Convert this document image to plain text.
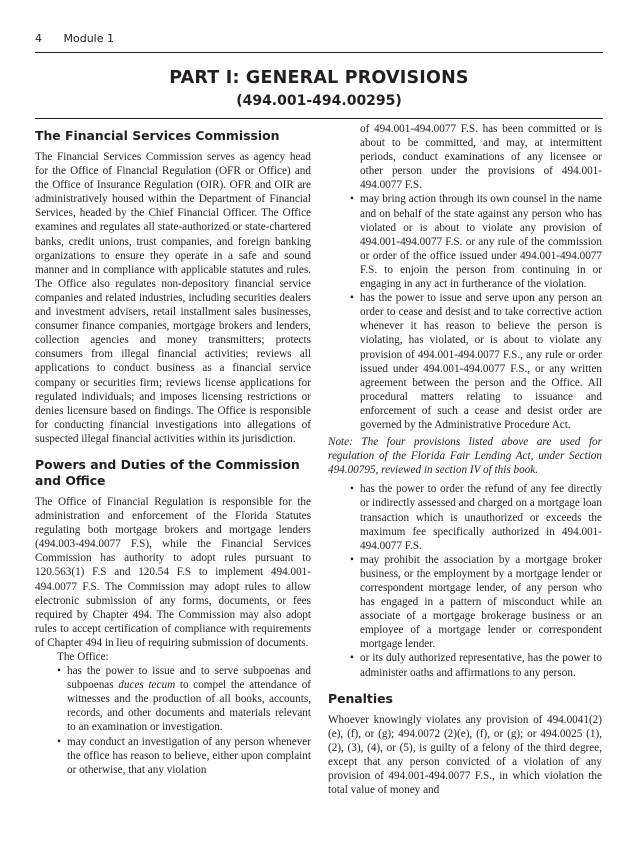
4 Module 1
PART I: GENERAL PROVISIONS
(494.001-494.00295)
The Financial Services Commission

The Financial Services Commission serves as agency head for the Office of Financial Regulation (OFR or Office) and the Office of Insurance Regulation (OIR). OFR and OIR are administratively housed within the Department of Financial Services, headed by the Chief Financial Officer. The Office examines and regulates all state-authorized or state-chartered banks, credit unions, trust companies, and foreign banking organizations to ensure they operate in a safe and sound manner and in compliance with applicable statutes and rules. The Office also regulates non-depository financial service companies and related industries, including securities dealers and investment advisers, retail installment sales businesses, consumer finance companies, mortgage brokers and lenders, collection agencies and money transmitters; protects consumers from illegal financial activities; reviews all applications to conduct business as a financial service company or securities firm; reviews license applications for regulated individuals; and imposes licensing restrictions or denies licensure based on findings. The Office is responsible for conducting financial investigations into allegations of suspected illegal financial activities within its jurisdiction.

Powers and Duties of the Commission and Office

The Office of Financial Regulation is responsible for the administration and enforcement of the Florida Statutes regulating both mortgage brokers and mortgage lenders (494.003-494.0077 F.S), while the Financial Services Commission has authority to adopt rules pursuant to 120.563(1) F.S and 120.54 F.S to implement 494.001-494.0077 F.S. The Commission may adopt rules to allow electronic submission of any forms, documents, or fees required by Chapter 494. The Commission may also adopt rules to accept certification of compliance with requirements of Chapter 494 in lieu of requiring submission of documents.

The Office:

• has the power to issue and to serve subpoenas and subpoenas duces tecum to compel the attendance of witnesses and the production of all books, accounts, records, and other documents and materials relevant to an examination or investigation.
• may conduct an investigation of any person whenever the office has reason to believe, either upon complaint or otherwise, that any violation
of 494.001-494.0077 F.S. has been committed or is about to be committed, and may, at intermittent periods, conduct examinations of any licensee or other person under the provisions of 494.001-494.0077 F.S.
• may bring action through its own counsel in the name and on behalf of the state against any person who has violated or is about to violate any provision of 494.001-494.0077 F.S. or any rule of the commission or order of the office issued under 494.001-494.0077 F.S. to enjoin the person from continuing in or engaging in any act in furtherance of the violation.
• has the power to issue and serve upon any person an order to cease and desist and to take corrective action whenever it has reason to believe the person is violating, has violated, or is about to violate any provision of 494.001-494.0077 F.S., any rule or order issued under 494.001-494.0077 F.S., or any written agreement between the person and the Office. All procedural matters relating to issuance and enforcement of such a cease and desist order are governed by the Administrative Procedure Act.

Note: The four provisions listed above are used for regulation of the Florida Fair Lending Act, under Section 494.00795, reviewed in section IV of this book.

• has the power to order the refund of any fee directly or indirectly assessed and charged on a mortgage loan transaction which is unauthorized or exceeds the maximum fee specifically authorized in 494.001-494.0077 F.S.
• may prohibit the association by a mortgage broker business, or the employment by a mortgage lender or correspondent mortgage lender, of any person who has engaged in a pattern of misconduct while an associate of a mortgage brokerage business or an employee of a mortgage lender or correspondent mortgage lender.
• or its duly authorized representative, has the power to administer oaths and affirmations to any person.
Penalties

Whoever knowingly violates any provision of 494.0041(2)(e), (f), or (g); 494.0072 (2)(e), (f), or (g); or 494.0025 (1), (2), (3), (4), or (5), is guilty of a felony of the third degree, except that any person convicted of a violation of any provision of 494.001-494.0077 F.S., in which violation the total value of money and
